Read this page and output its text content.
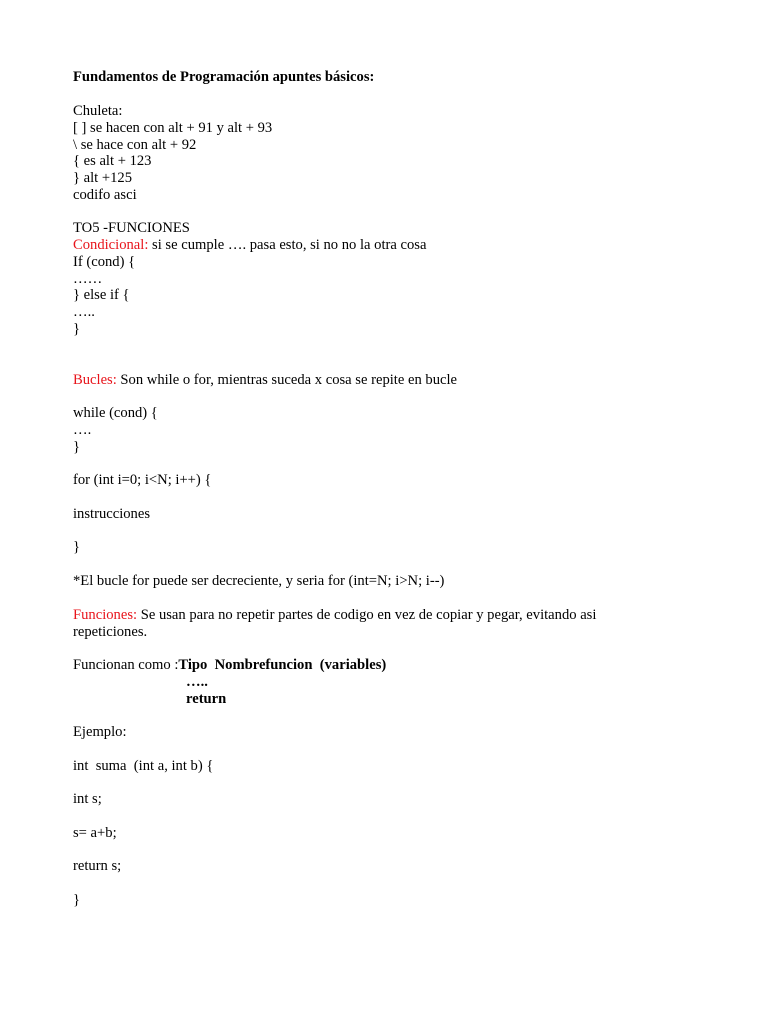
Fundamentos de Programación apuntes básicos:
Chuleta:
[ ] se hacen con alt + 91 y alt + 93
\ se hace con alt + 92
{ es alt + 123
} alt +125
codifo asci
TO5 -FUNCIONES
Condicional: si se cumple …. pasa esto, si no no la otra cosa
If (cond) {
……
} else if {
…..
}
Bucles: Son while o for, mientras suceda x cosa se repite en bucle
while (cond) {
….
}
for (int i=0; i<N; i++) {
instrucciones
}
*El bucle for puede ser decreciente, y seria for (int=N; i>N; i--)
Funciones: Se usan para no repetir partes de codigo en vez de copiar y pegar, evitando asi
repeticiones.
Funcionan como :Tipo  Nombrefuncion  (variables)
…..
return
Ejemplo:
int  suma  (int a, int b) {
int s;
s= a+b;
return s;
}
